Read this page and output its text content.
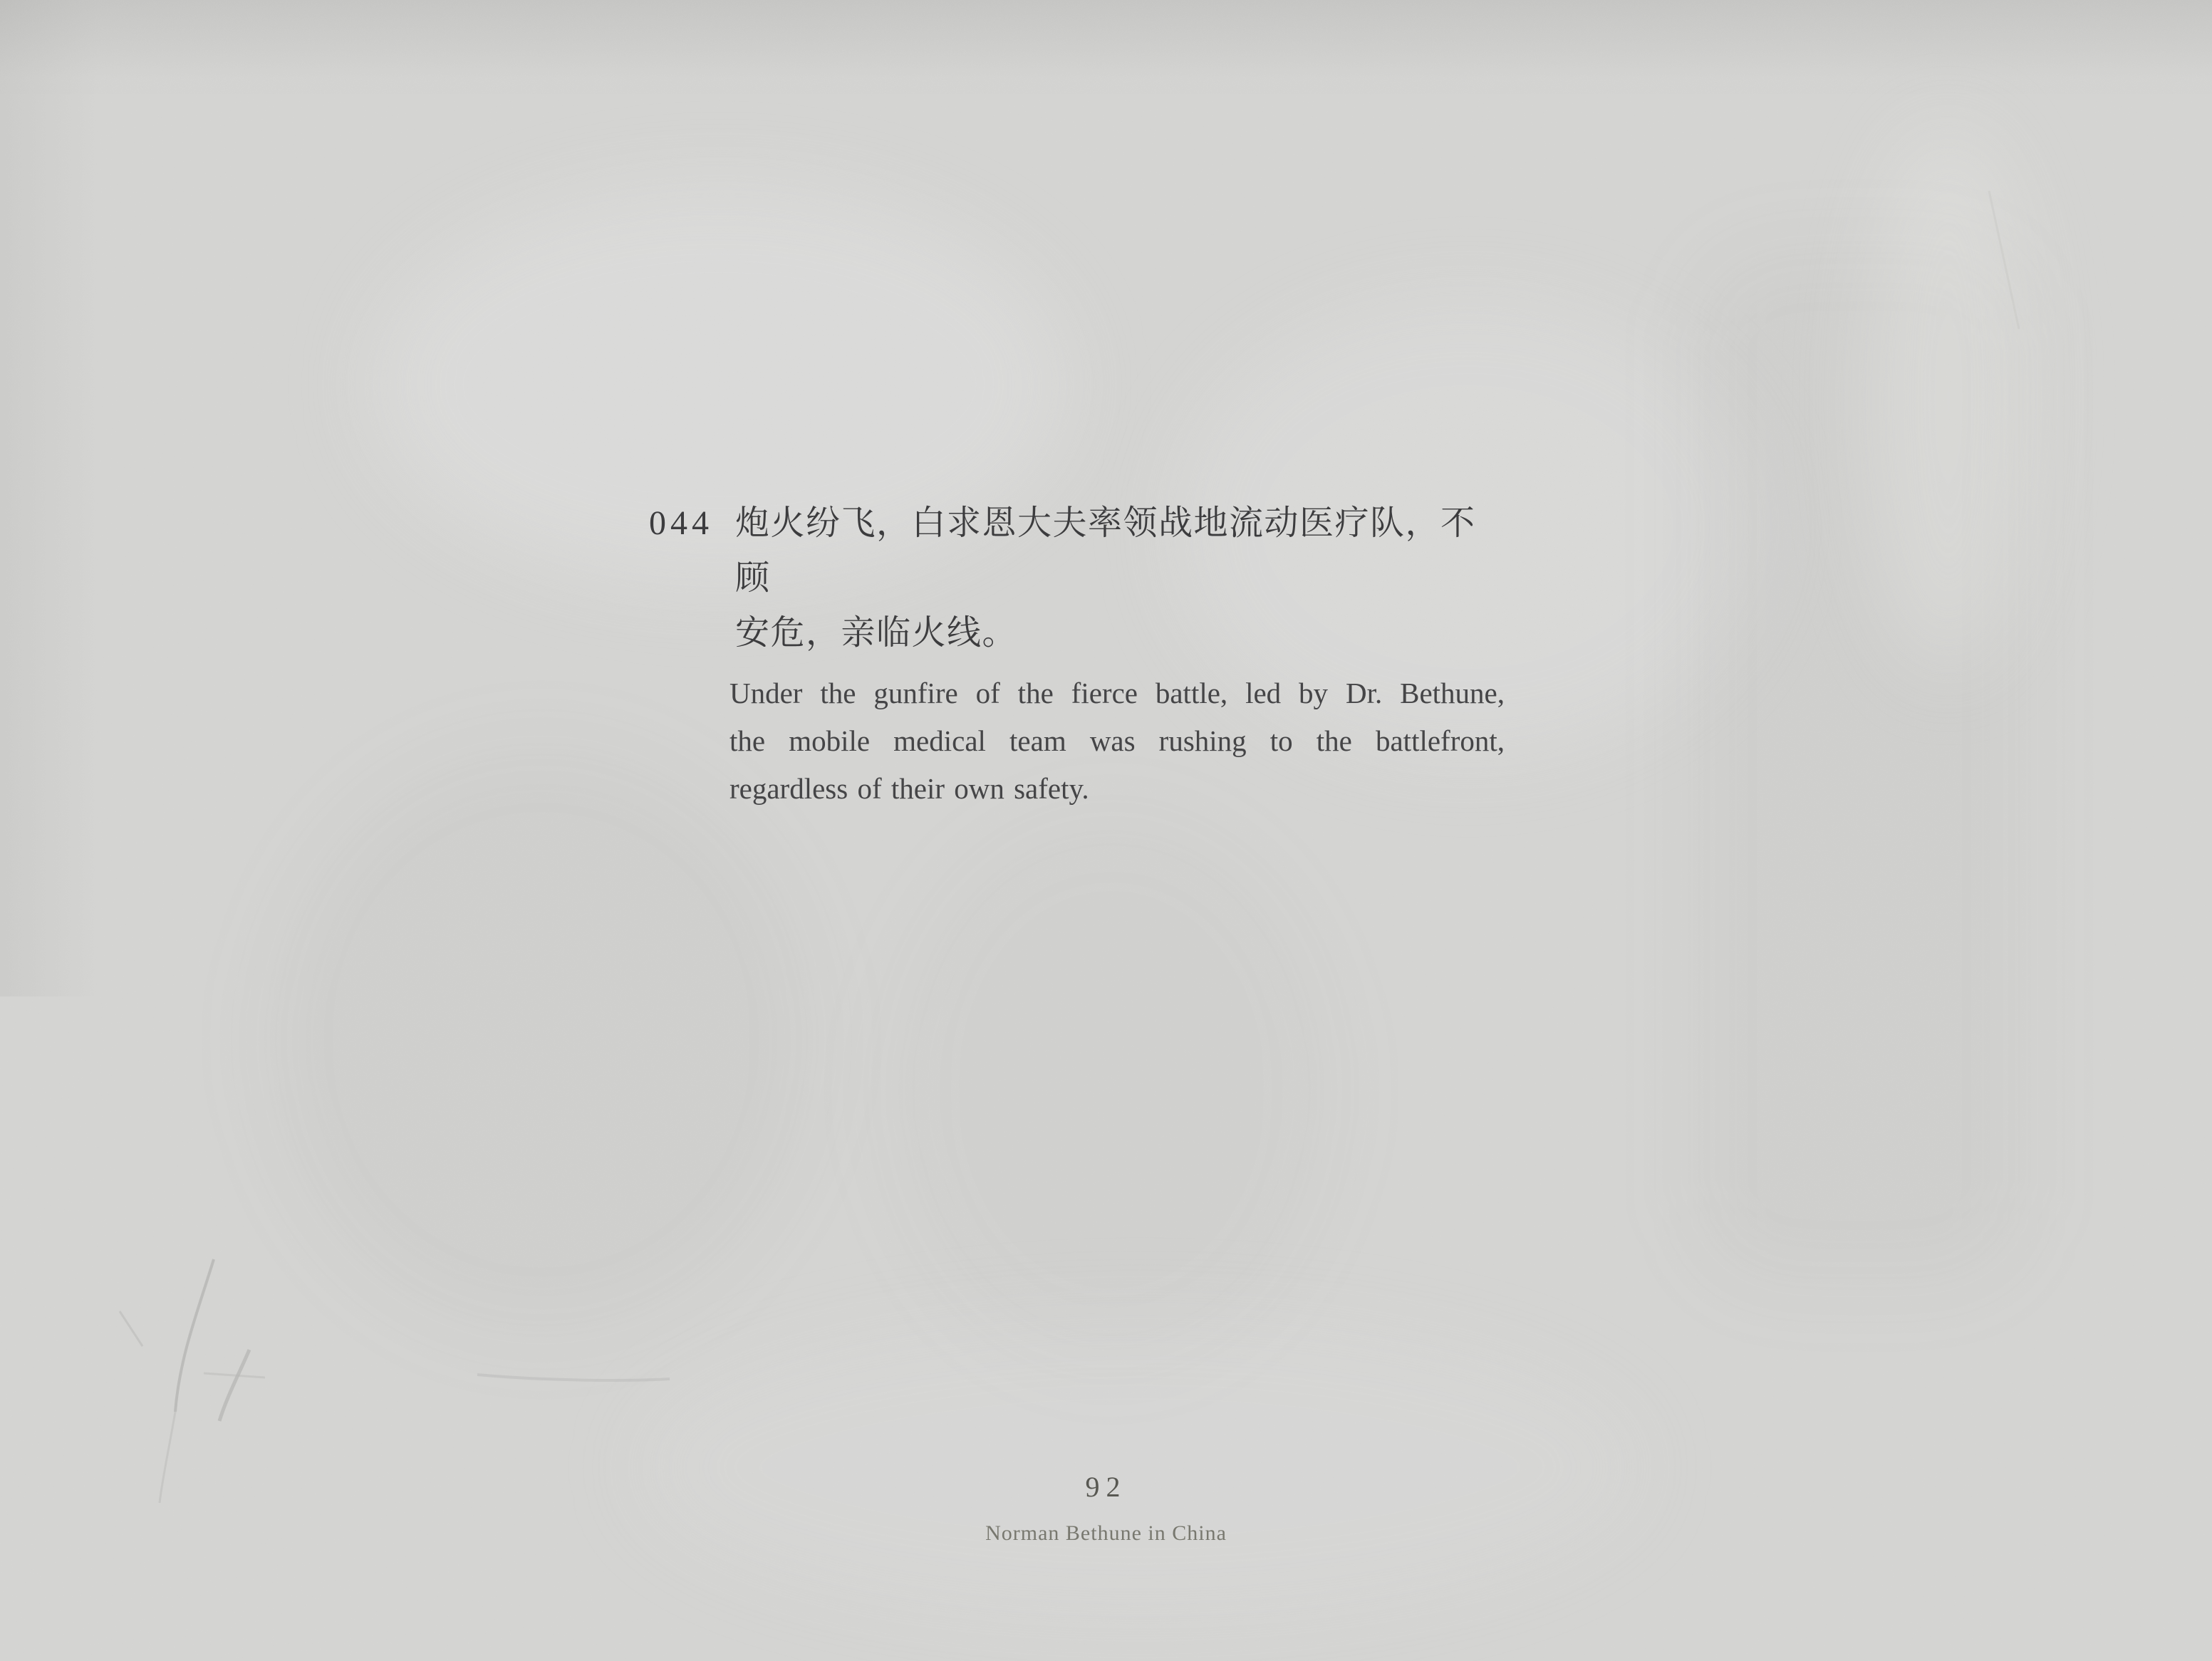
044 炮火纷飞，白求恩大夫率领战地流动医疗队，不顾
安危，亲临火线。
Under the gunfire of the fierce battle, led by Dr. Bethune,
the mobile medical team was rushing to the battlefront,
regardless of their own safety.
92
Norman Bethune in China
